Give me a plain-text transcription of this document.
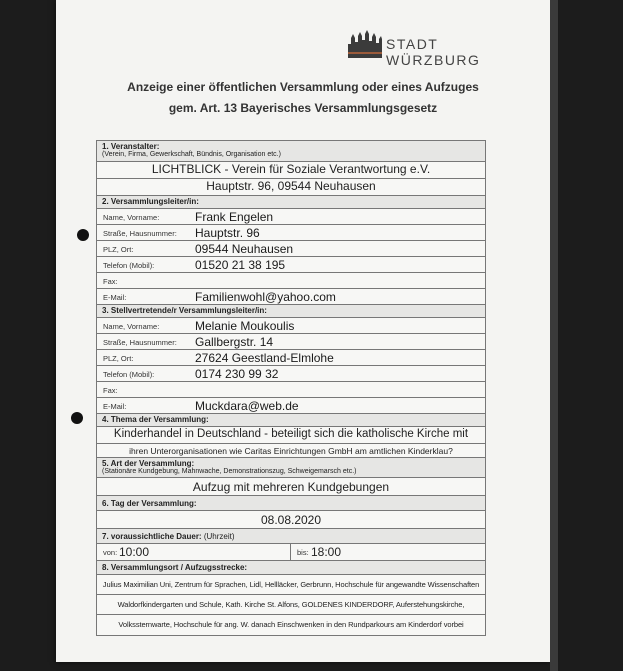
STADT
WÜRZBURG
Anzeige einer öffentlichen Versammlung oder eines Aufzuges
gem. Art. 13 Bayerisches Versammlungsgesetz
1. Veranstalter:
(Verein, Firma, Gewerkschaft, Bündnis, Organisation etc.)
LICHTBLICK - Verein für Soziale Verantwortung e.V.
Hauptstr. 96, 09544 Neuhausen
2. Versammlungsleiter/in:
Name, Vorname:	Frank Engelen
Straße, Hausnummer: Hauptstr. 96
PLZ, Ort:	09544 Neuhausen
Telefon (Mobil):	01520 21 38 195
Fax:
E-Mail:	Familienwohl@yahoo.com
3. Stellvertretende/r Versammlungsleiter/in:
Name, Vorname:	Melanie Moukoulis
Straße, Hausnummer: Gallbergstr. 14
PLZ, Ort:	27624 Geestland-Elmlohe
Telefon (Mobil):	0174 230 99 32
Fax:
E-Mail:	Muckdara@web.de
4. Thema der Versammlung:
Kinderhandel in Deutschland - beteiligt sich die katholische Kirche mit
ihren Unterorganisationen wie Caritas Einrichtungen GmbH am amtlichen Kinderklau?
5. Art der Versammlung:
(Stationäre Kundgebung, Mahnwache, Demonstrationszug, Schweigemarsch etc.)
Aufzug mit mehreren Kundgebungen
6. Tag der Versammlung:
08.08.2020
7. voraussichtliche Dauer: (Uhrzeit)
von: 10:00	bis: 18:00
8. Versammlungsort / Aufzugsstrecke:
Julius Maximilian Uni, Zentrum für Sprachen, Lidl, Hellläcker, Gerbrunn, Hochschule für angewandte Wissenschaften
Waldorfkindergarten und Schule, Kath. Kirche St. Alfons, GOLDENES KINDERDORF, Auferstehungskirche,
Volkssternwarte, Hochschule für ang. W. danach Einschwenken in den Rundparkours am Kinderdorf vorbei
